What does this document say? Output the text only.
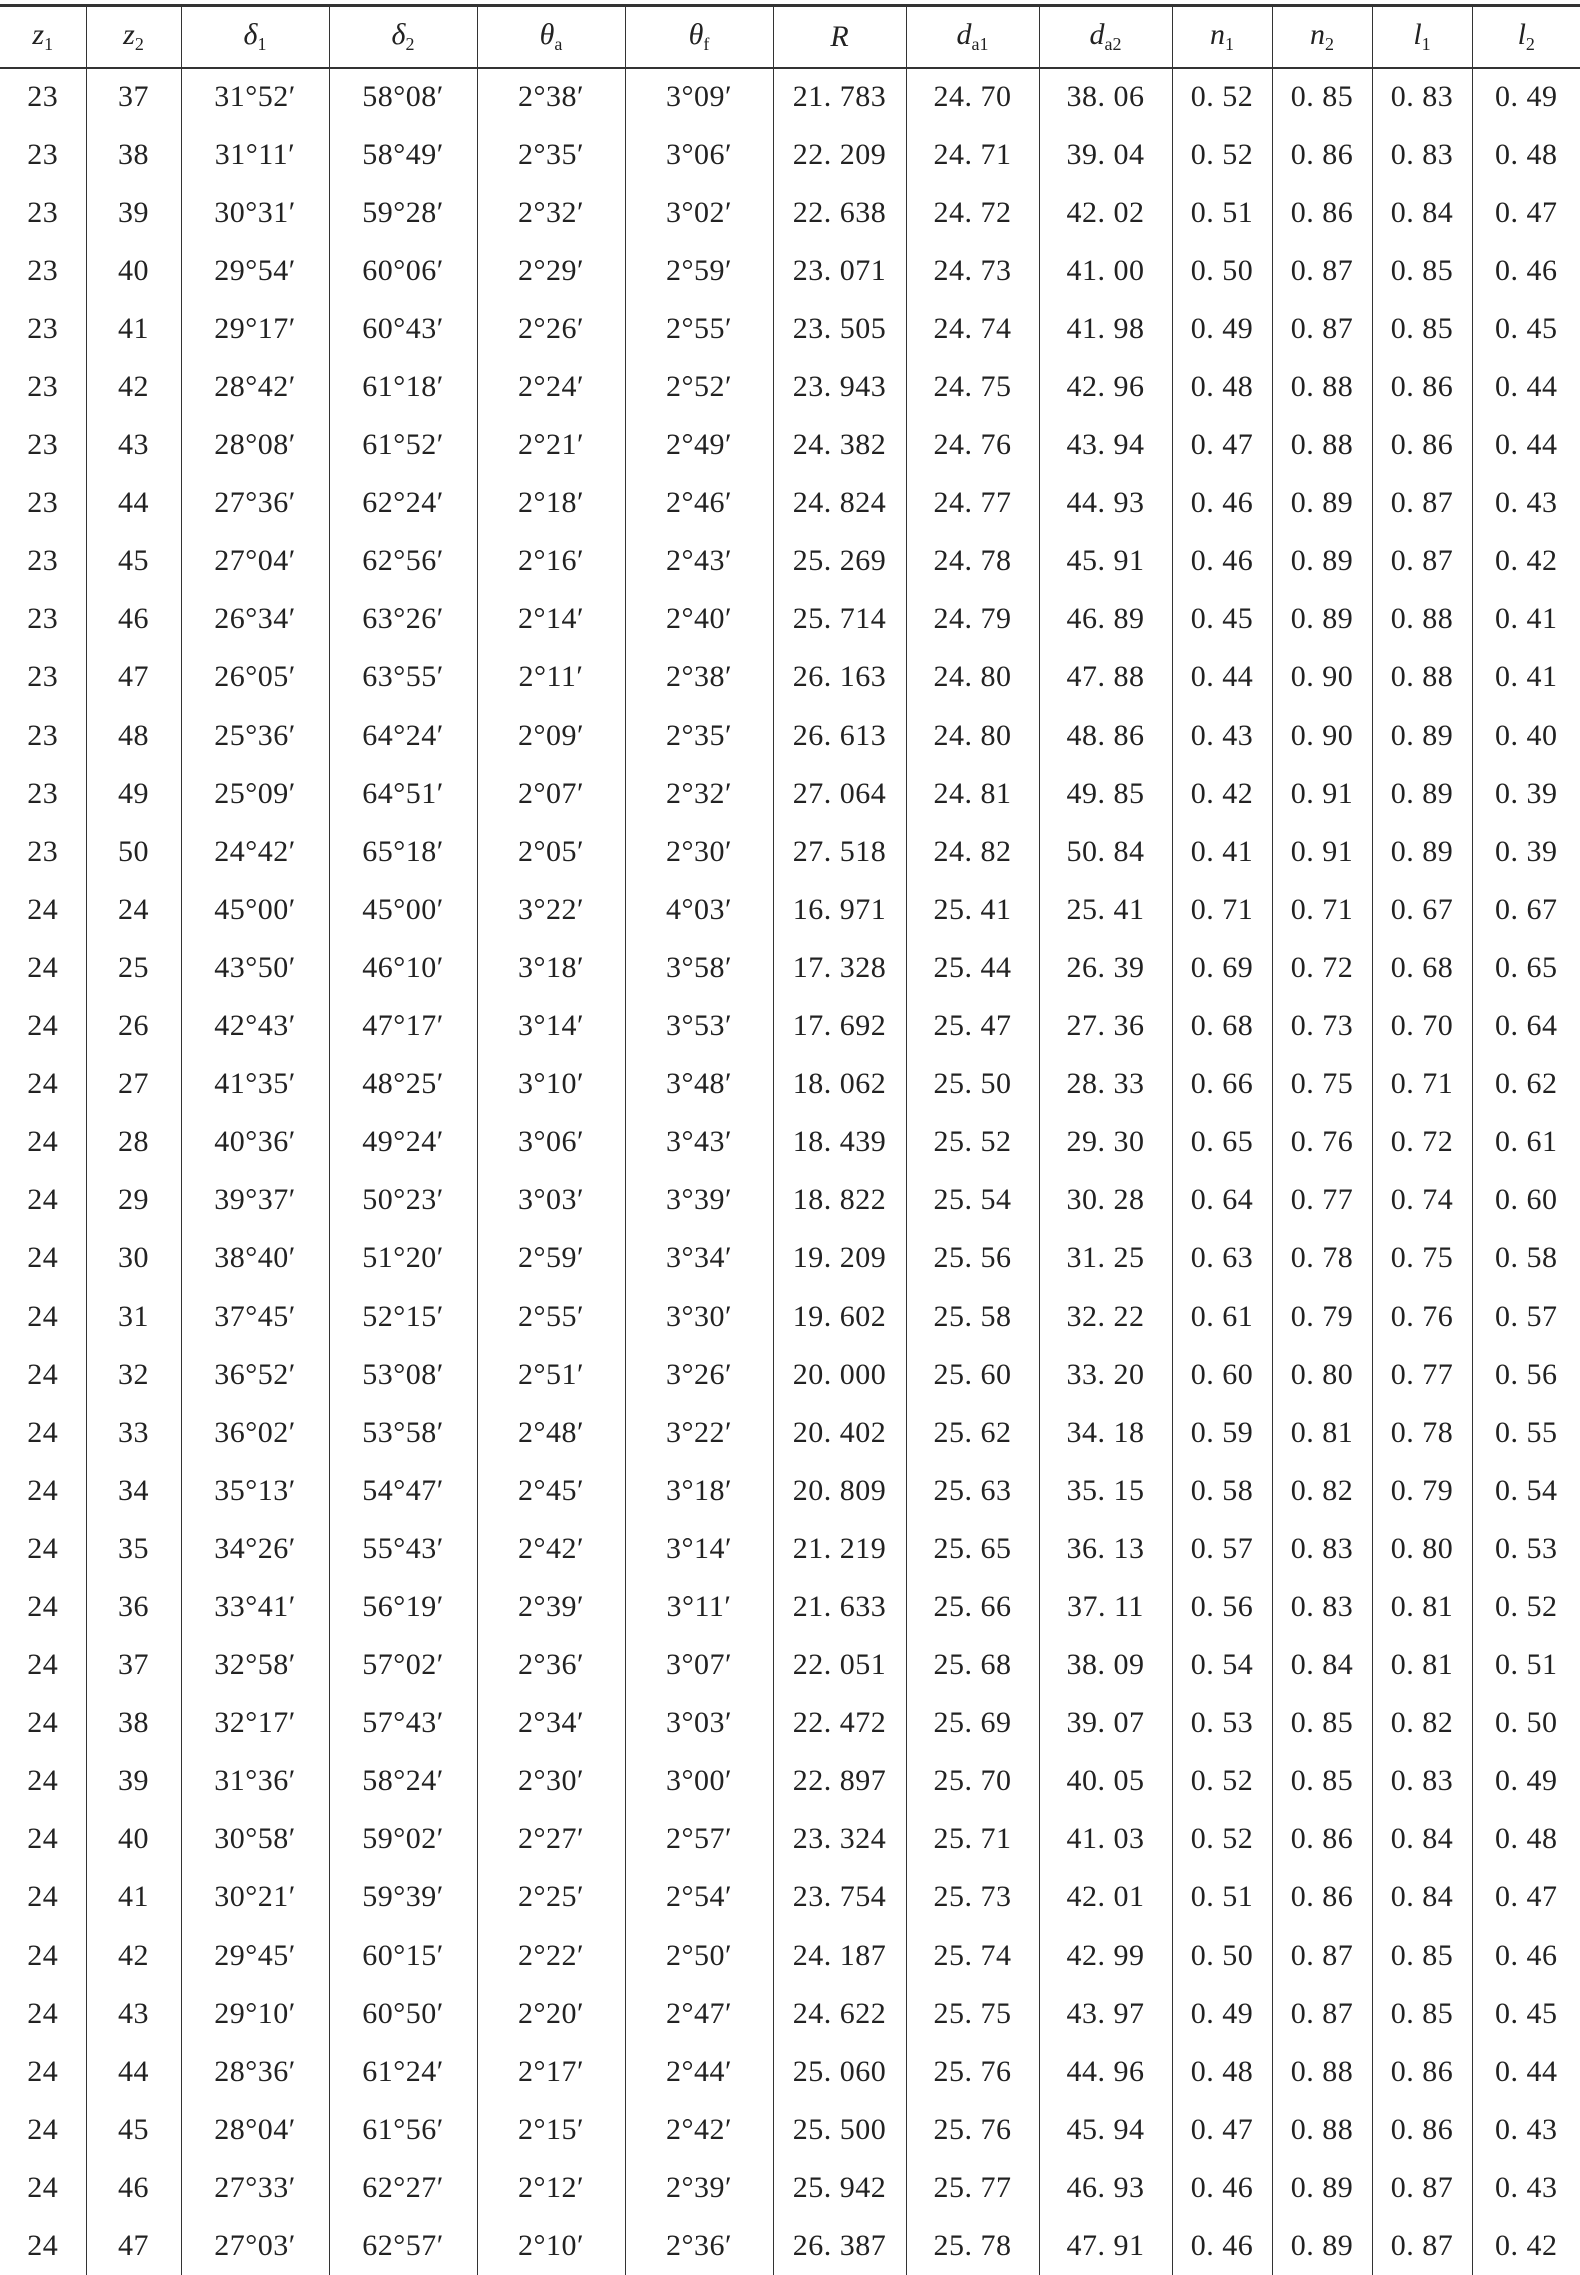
$z_1$	$z_2$	$\delta_1$	$\delta_2$	$\theta_a$	$\theta_f$	R	$d_{a1}$	$d_{a2}$	$n_1$	$n_2$	$l_1$	$l_2$
23	37	31°52′	58°08′	2°38′	3°09′	21. 783	24. 70	38. 06	0. 52	0. 85	0. 83	0. 49
23	38	31°11′	58°49′	2°35′	3°06′	22. 209	24. 71	39. 04	0. 52	0. 86	0. 83	0. 48
23	39	30°31′	59°28′	2°32′	3°02′	22. 638	24. 72	42. 02	0. 51	0. 86	0. 84	0. 47
23	40	29°54′	60°06′	2°29′	2°59′	23. 071	24. 73	41. 00	0. 50	0. 87	0. 85	0. 46
23	41	29°17′	60°43′	2°26′	2°55′	23. 505	24. 74	41. 98	0. 49	0. 87	0. 85	0. 45
23	42	28°42′	61°18′	2°24′	2°52′	23. 943	24. 75	42. 96	0. 48	0. 88	0. 86	0. 44
23	43	28°08′	61°52′	2°21′	2°49′	24. 382	24. 76	43. 94	0. 47	0. 88	0. 86	0. 44
23	44	27°36′	62°24′	2°18′	2°46′	24. 824	24. 77	44. 93	0. 46	0. 89	0. 87	0. 43
23	45	27°04′	62°56′	2°16′	2°43′	25. 269	24. 78	45. 91	0. 46	0. 89	0. 87	0. 42
23	46	26°34′	63°26′	2°14′	2°40′	25. 714	24. 79	46. 89	0. 45	0. 89	0. 88	0. 41
23	47	26°05′	63°55′	2°11′	2°38′	26. 163	24. 80	47. 88	0. 44	0. 90	0. 88	0. 41
23	48	25°36′	64°24′	2°09′	2°35′	26. 613	24. 80	48. 86	0. 43	0. 90	0. 89	0. 40
23	49	25°09′	64°51′	2°07′	2°32′	27. 064	24. 81	49. 85	0. 42	0. 91	0. 89	0. 39
23	50	24°42′	65°18′	2°05′	2°30′	27. 518	24. 82	50. 84	0. 41	0. 91	0. 89	0. 39
24	24	45°00′	45°00′	3°22′	4°03′	16. 971	25. 41	25. 41	0. 71	0. 71	0. 67	0. 67
24	25	43°50′	46°10′	3°18′	3°58′	17. 328	25. 44	26. 39	0. 69	0. 72	0. 68	0. 65
24	26	42°43′	47°17′	3°14′	3°53′	17. 692	25. 47	27. 36	0. 68	0. 73	0. 70	0. 64
24	27	41°35′	48°25′	3°10′	3°48′	18. 062	25. 50	28. 33	0. 66	0. 75	0. 71	0. 62
24	28	40°36′	49°24′	3°06′	3°43′	18. 439	25. 52	29. 30	0. 65	0. 76	0. 72	0. 61
24	29	39°37′	50°23′	3°03′	3°39′	18. 822	25. 54	30. 28	0. 64	0. 77	0. 74	0. 60
24	30	38°40′	51°20′	2°59′	3°34′	19. 209	25. 56	31. 25	0. 63	0. 78	0. 75	0. 58
24	31	37°45′	52°15′	2°55′	3°30′	19. 602	25. 58	32. 22	0. 61	0. 79	0. 76	0. 57
24	32	36°52′	53°08′	2°51′	3°26′	20. 000	25. 60	33. 20	0. 60	0. 80	0. 77	0. 56
24	33	36°02′	53°58′	2°48′	3°22′	20. 402	25. 62	34. 18	0. 59	0. 81	0. 78	0. 55
24	34	35°13′	54°47′	2°45′	3°18′	20. 809	25. 63	35. 15	0. 58	0. 82	0. 79	0. 54
24	35	34°26′	55°43′	2°42′	3°14′	21. 219	25. 65	36. 13	0. 57	0. 83	0. 80	0. 53
24	36	33°41′	56°19′	2°39′	3°11′	21. 633	25. 66	37. 11	0. 56	0. 83	0. 81	0. 52
24	37	32°58′	57°02′	2°36′	3°07′	22. 051	25. 68	38. 09	0. 54	0. 84	0. 81	0. 51
24	38	32°17′	57°43′	2°34′	3°03′	22. 472	25. 69	39. 07	0. 53	0. 85	0. 82	0. 50
24	39	31°36′	58°24′	2°30′	3°00′	22. 897	25. 70	40. 05	0. 52	0. 85	0. 83	0. 49
24	40	30°58′	59°02′	2°27′	2°57′	23. 324	25. 71	41. 03	0. 52	0. 86	0. 84	0. 48
24	41	30°21′	59°39′	2°25′	2°54′	23. 754	25. 73	42. 01	0. 51	0. 86	0. 84	0. 47
24	42	29°45′	60°15′	2°22′	2°50′	24. 187	25. 74	42. 99	0. 50	0. 87	0. 85	0. 46
24	43	29°10′	60°50′	2°20′	2°47′	24. 622	25. 75	43. 97	0. 49	0. 87	0. 85	0. 45
24	44	28°36′	61°24′	2°17′	2°44′	25. 060	25. 76	44. 96	0. 48	0. 88	0. 86	0. 44
24	45	28°04′	61°56′	2°15′	2°42′	25. 500	25. 76	45. 94	0. 47	0. 88	0. 86	0. 43
24	46	27°33′	62°27′	2°12′	2°39′	25. 942	25. 77	46. 93	0. 46	0. 89	0. 87	0. 43
24	47	27°03′	62°57′	2°10′	2°36′	26. 387	25. 78	47. 91	0. 46	0. 89	0. 87	0. 42
